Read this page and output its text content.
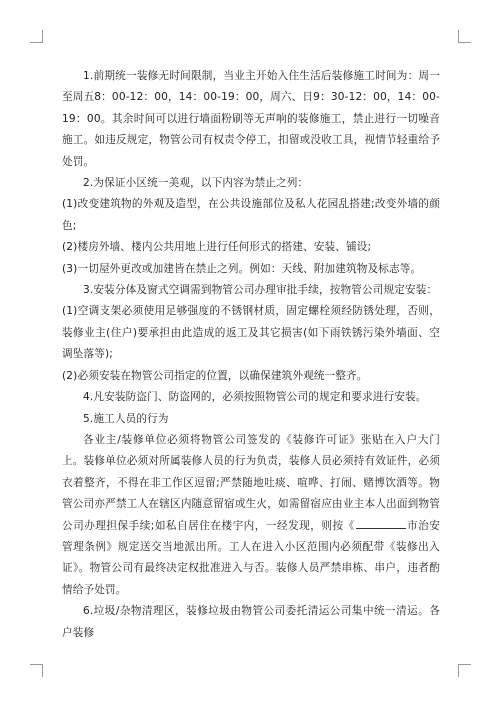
1.前期统一装修无时间限制，当业主开始入住生活后装修施工时间为：周一至周五8：00-12：00，14：00-19：00，周六、日9：30-12：00，14：00-19：00。其余时间可以进行墙面粉刷等无声响的装修施工，禁止进行一切噪音施工。如违反规定，物管公司有权责令停工，扣留或没收工具，视情节轻重给予处罚。

2.为保证小区统一美观，以下内容为禁止之列：

(1)改变建筑物的外观及造型，在公共设施部位及私人花园乱搭建;改变外墙的颜色;

(2)楼房外墙、楼内公共用地上进行任何形式的搭建、安装、铺设;

(3)一切屋外更改或加建皆在禁止之列。例如：天线、附加建筑物及标志等。

3.安装分体及窗式空调需到物管公司办理审批手续，按物管公司规定安装：

(1)空调支架必须使用足够强度的不锈钢材质，固定螺栓须经防锈处理，否则，装修业主(住户)要承担由此造成的返工及其它损害(如下雨铁锈污染外墙面、空调坠落等);

(2)必须安装在物管公司指定的位置，以确保建筑外观统一整齐。

4.凡安装防盗门、防盗网的，必须按照物管公司的规定和要求进行安装。

5.施工人员的行为

各业主/装修单位必须将物管公司签发的《装修许可证》张贴在入户大门上。装修单位必须对所属装修人员的行为负责，装修人员必须持有效证件，必须衣着整齐，不得在非工作区逗留;严禁随地吐痰、喧哗、打闹、赌博饮酒等。物管公司亦严禁工人在辖区内随意留宿或生火，如需留宿应由业主本人出面到物管公司办理担保手续;如私自居住在楼宇内，一经发现，则按《	市治安管理条例》规定送交当地派出所。工人在进入小区范围内必须配带《装修出入证》。物管公司有最终决定权批准进入与否。装修人员严禁串栋、串户，违者酌情给予处罚。

6.垃圾/杂物清理区，装修垃圾由物管公司委托清运公司集中统一清运。各户装修
